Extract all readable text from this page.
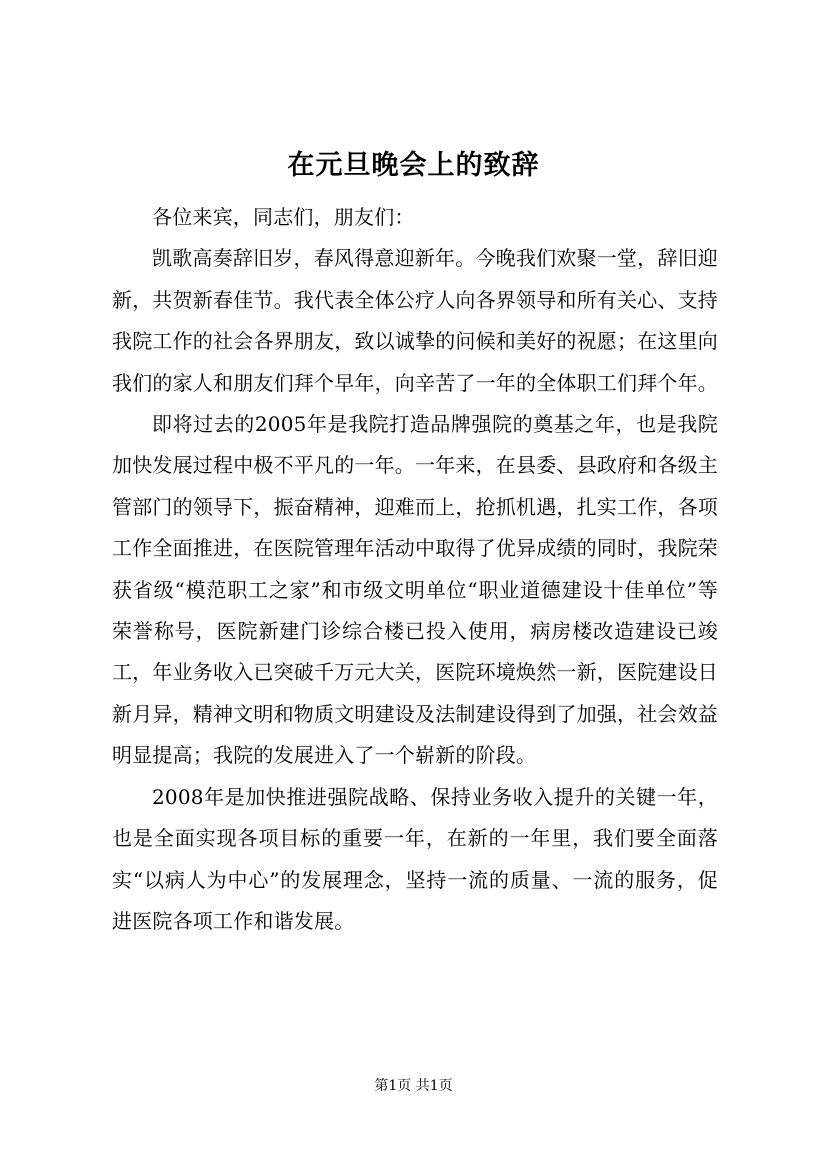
在元旦晚会上的致辞

各位来宾，同志们，朋友们：

凯歌高奏辞旧岁，春风得意迎新年。今晚我们欢聚一堂，辞旧迎新，共贺新春佳节。我代表全体公疗人向各界领导和所有关心、支持我院工作的社会各界朋友，致以诚挚的问候和美好的祝愿；在这里向我们的家人和朋友们拜个早年，向辛苦了一年的全体职工们拜个年。

即将过去的2005年是我院打造品牌强院的奠基之年，也是我院加快发展过程中极不平凡的一年。一年来，在县委、县政府和各级主管部门的领导下，振奋精神，迎难而上，抢抓机遇，扎实工作，各项工作全面推进，在医院管理年活动中取得了优异成绩的同时，我院荣获省级“模范职工之家”和市级文明单位“职业道德建设十佳单位”等荣誉称号，医院新建门诊综合楼已投入使用，病房楼改造建设已竣工，年业务收入已突破千万元大关，医院环境焕然一新，医院建设日新月异，精神文明和物质文明建设及法制建设得到了加强，社会效益明显提高；我院的发展进入了一个崭新的阶段。

2008年是加快推进强院战略、保持业务收入提升的关键一年，也是全面实现各项目标的重要一年，在新的一年里，我们要全面落实“以病人为中心”的发展理念，坚持一流的质量、一流的服务，促进医院各项工作和谐发展。

第1页 共1页
